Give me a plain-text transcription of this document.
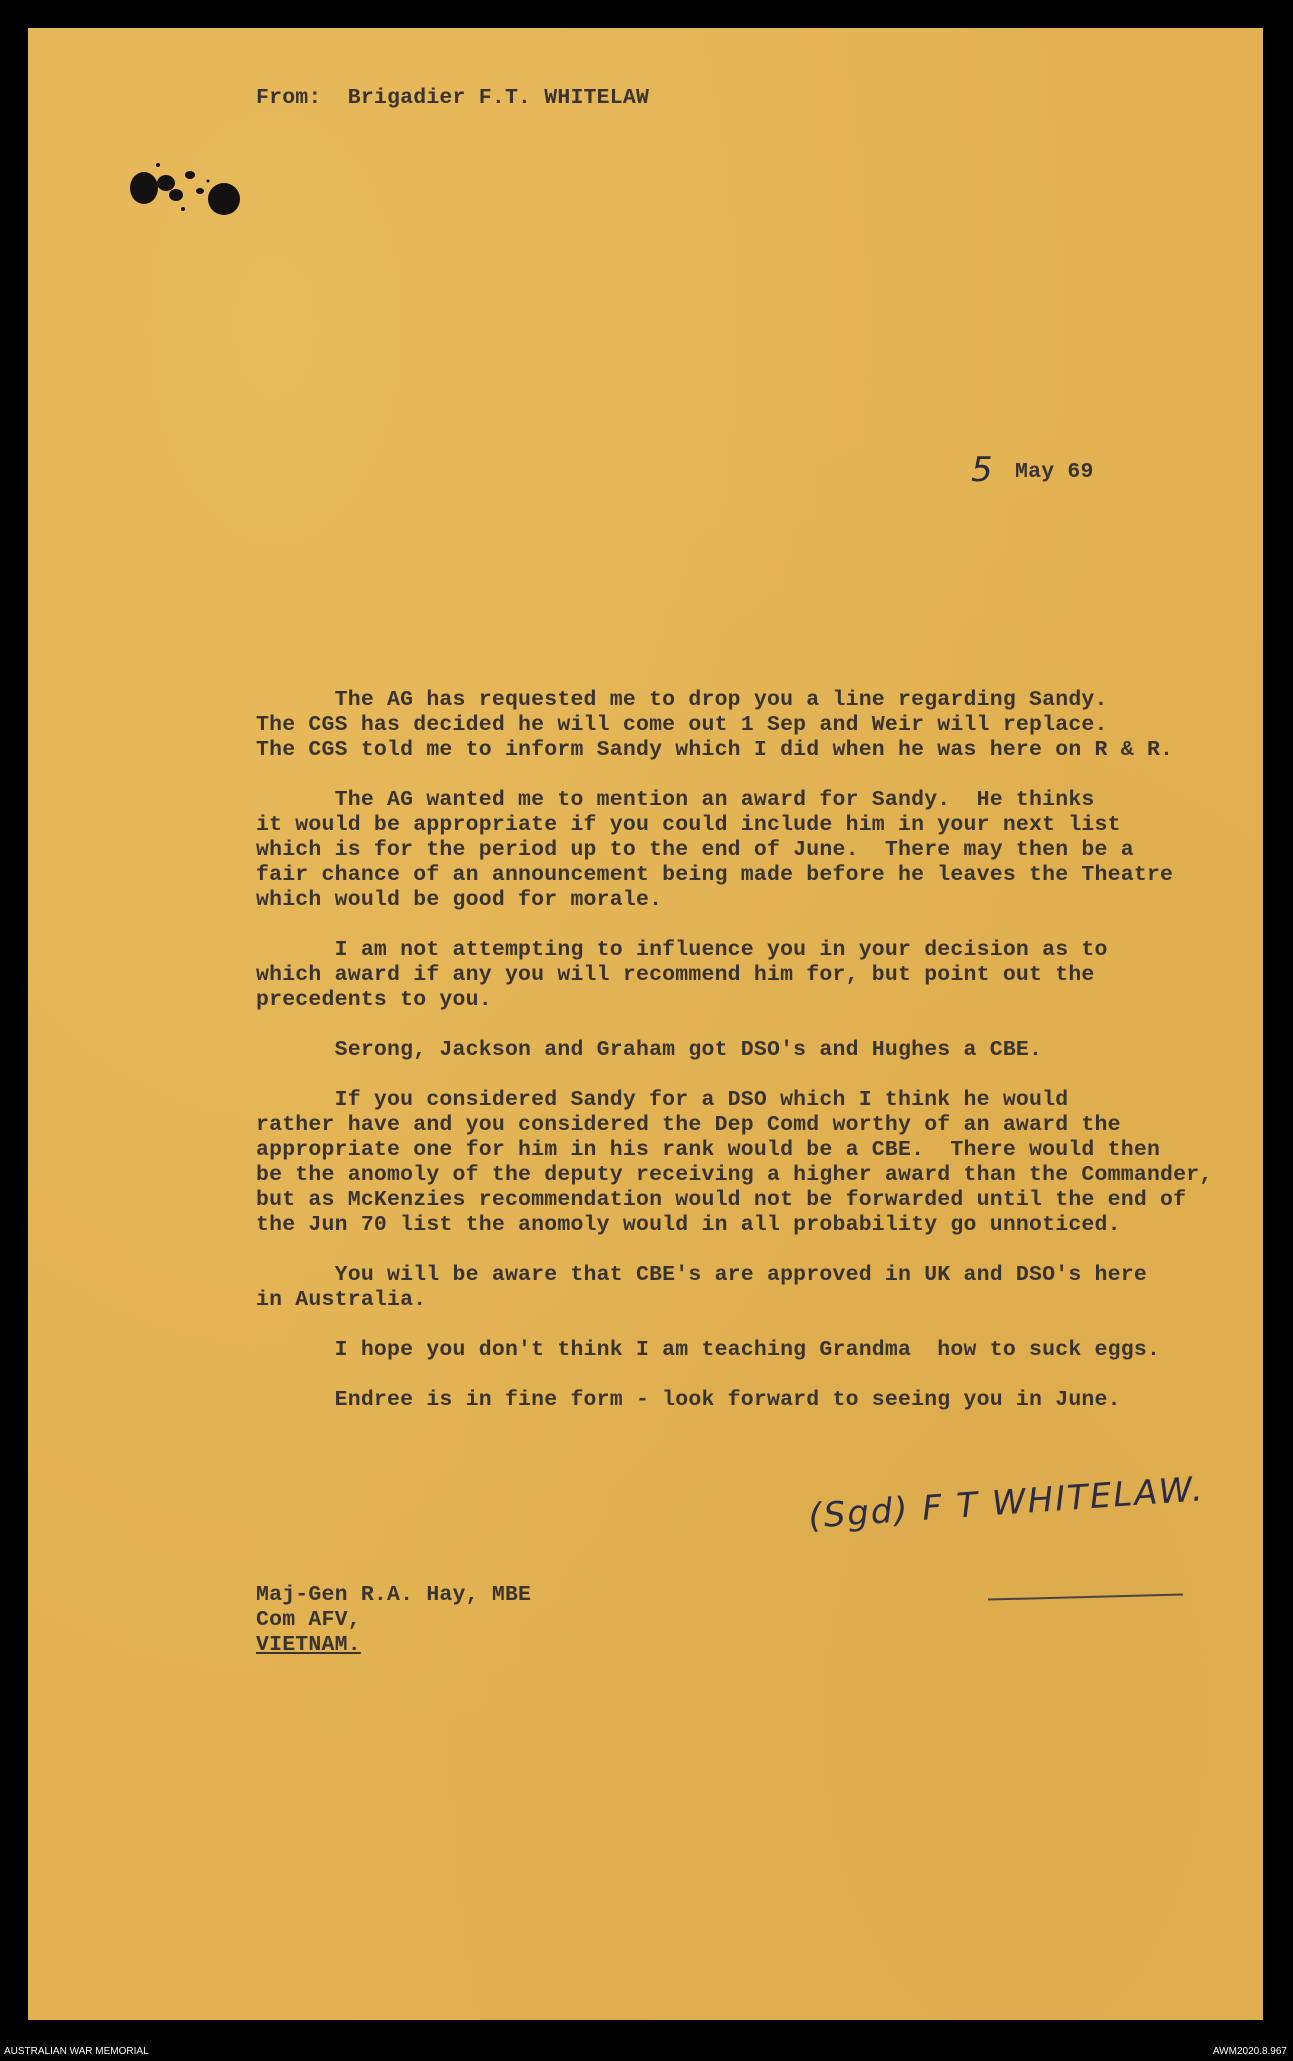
From:  Brigadier F.T. WHITELAW

5

May 69

The AG has requested me to drop you a line regarding Sandy.

The CGS has decided he will come out 1 Sep and Weir will replace.

The CGS told me to inform Sandy which I did when he was here on R & R.

The AG wanted me to mention an award for Sandy.  He thinks

it would be appropriate if you could include him in your next list

which is for the period up to the end of June.  There may then be a

fair chance of an announcement being made before he leaves the Theatre

which would be good for morale.

I am not attempting to influence you in your decision as to

which award if any you will recommend him for, but point out the

precedents to you.

Serong, Jackson and Graham got DSO's and Hughes a CBE.

If you considered Sandy for a DSO which I think he would

rather have and you considered the Dep Comd worthy of an award the

appropriate one for him in his rank would be a CBE.  There would then

be the anomoly of the deputy receiving a higher award than the Commander,

but as McKenzies recommendation would not be forwarded until the end of

the Jun 70 list the anomoly would in all probability go unnoticed.

You will be aware that CBE's are approved in UK and DSO's here

in Australia.

I hope you don't think I am teaching Grandma  how to suck eggs.

Endree is in fine form - look forward to seeing you in June.

(Sgd) F T WHITELAW.

Maj-Gen R.A. Hay, MBE

Com AFV,

VIETNAM.

AUSTRALIAN WAR MEMORIAL	AWM2020.8.967
